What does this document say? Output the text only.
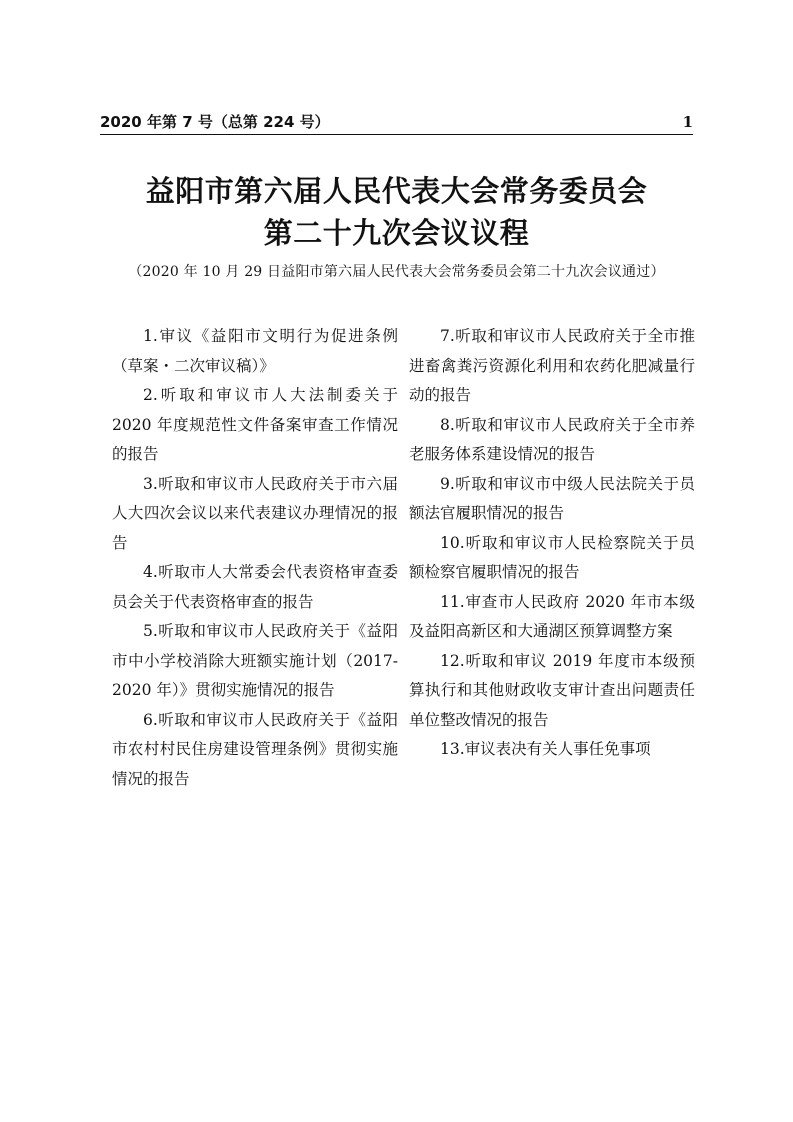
2020 年第 7 号（总第 224 号）	1
益阳市第六届人民代表大会常务委员会
第二十九次会议议程
（2020 年 10 月 29 日益阳市第六届人民代表大会常务委员会第二十九次会议通过）

1.审议《益阳市文明行为促进条例（草案・二次审议稿）》

2.听取和审议市人大法制委关于2020 年度规范性文件备案审查工作情况的报告

3.听取和审议市人民政府关于市六届人大四次会议以来代表建议办理情况的报告

4.听取市人大常委会代表资格审查委员会关于代表资格审查的报告

5.听取和审议市人民政府关于《益阳市中小学校消除大班额实施计划（2017-2020 年）》贯彻实施情况的报告

6.听取和审议市人民政府关于《益阳市农村村民住房建设管理条例》贯彻实施情况的报告

7.听取和审议市人民政府关于全市推进畜禽粪污资源化利用和农药化肥减量行动的报告

8.听取和审议市人民政府关于全市养老服务体系建设情况的报告

9.听取和审议市中级人民法院关于员额法官履职情况的报告

10.听取和审议市人民检察院关于员额检察官履职情况的报告

11.审查市人民政府 2020 年市本级及益阳高新区和大通湖区预算调整方案

12.听取和审议 2019 年度市本级预算执行和其他财政收支审计查出问题责任单位整改情况的报告

13.审议表决有关人事任免事项
